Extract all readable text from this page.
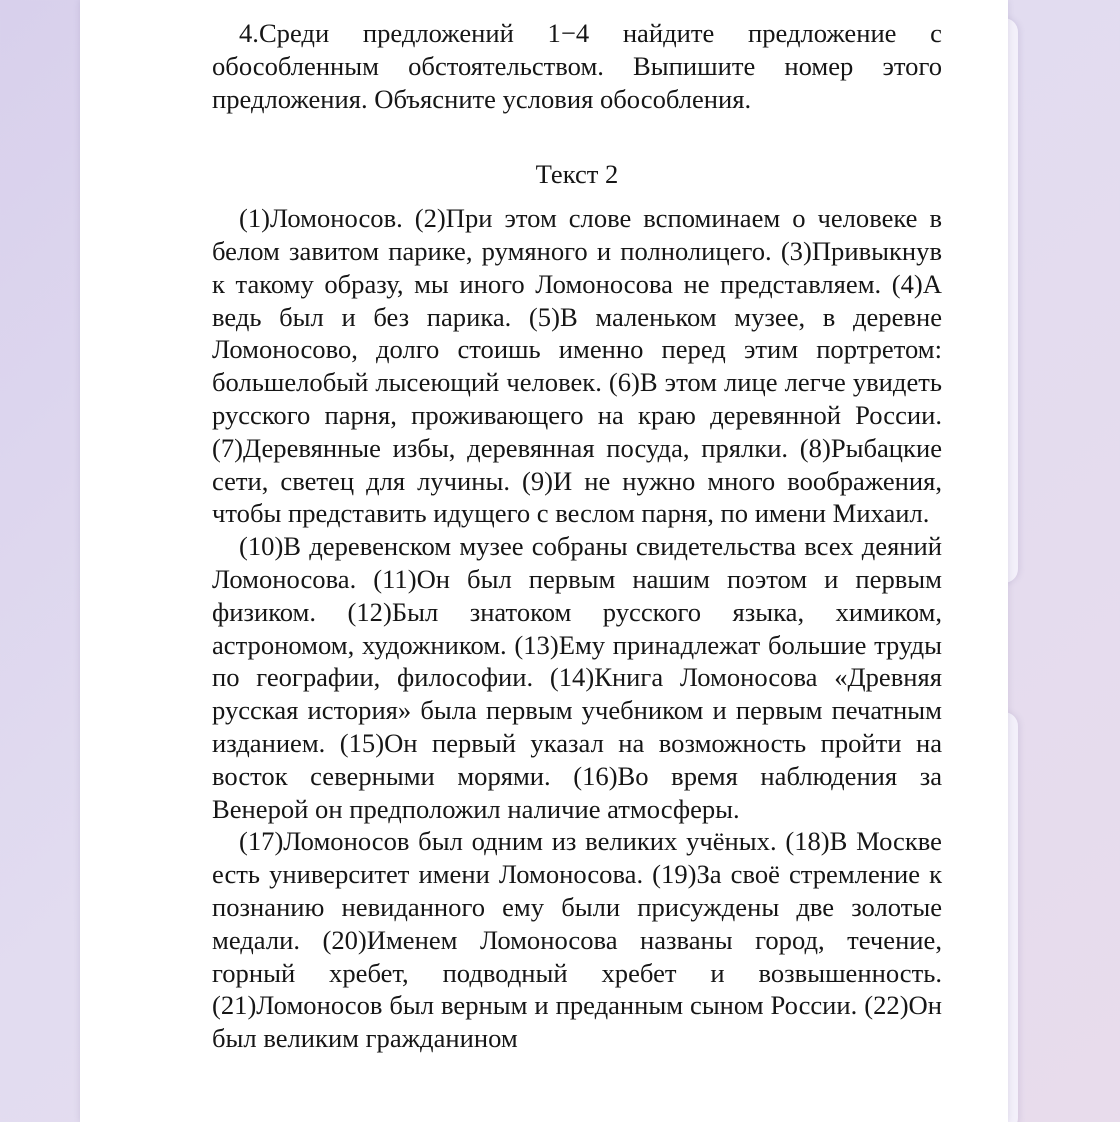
4.Среди предложений 1−4 найдите предложение с обособленным обстоятельством. Выпишите номер этого предложения. Объясните условия обособления.

Текст 2

(1)Ломоносов. (2)При этом слове вспоминаем о человеке в белом завитом парике, румяного и полнолицего. (3)Привыкнув к такому образу, мы иного Ломоносова не представляем. (4)А ведь был и без парика. (5)В маленьком музее, в деревне Ломоносово, долго стоишь именно перед этим портретом: большелобый лысеющий человек. (6)В этом лице легче увидеть русского парня, проживающего на краю деревянной России. (7)Деревянные избы, деревянная посуда, прялки. (8)Рыбацкие сети, светец для лучины. (9)И не нужно много воображения, чтобы представить идущего с веслом парня, по имени Михаил.

(10)В деревенском музее собраны свидетельства всех деяний Ломоносова. (11)Он был первым нашим поэтом и первым физиком. (12)Был знатоком русского языка, химиком, астрономом, художником. (13)Ему принадлежат большие труды по географии, философии. (14)Книга Ломоносова «Древняя русская история» была первым учебником и первым печатным изданием. (15)Он первый указал на возможность пройти на восток северными морями. (16)Во время наблюдения за Венерой он предположил наличие атмосферы.

(17)Ломоносов был одним из великих учёных. (18)В Москве есть университет имени Ломоносова. (19)За своё стремление к познанию невиданного ему были присуждены две золотые медали. (20)Именем Ломоносова названы город, течение, горный хребет, подводный хребет и возвышенность. (21)Ломоносов был верным и преданным сыном России. (22)Он был великим гражданином
